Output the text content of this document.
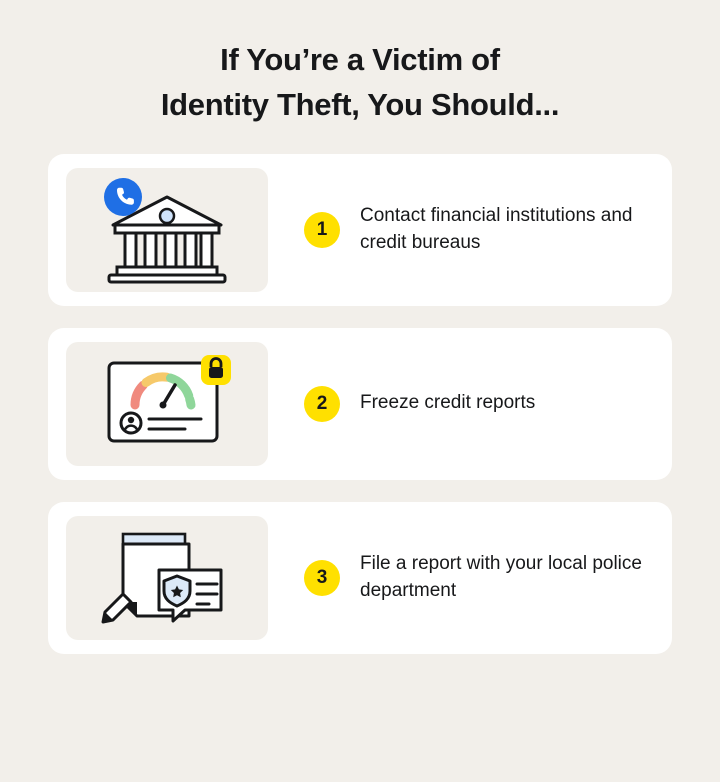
If You’re a Victim of
Identity Theft, You Should...
1
Contact financial institutions and credit bureaus
2	Freeze credit reports
3
File a report with your local police department
